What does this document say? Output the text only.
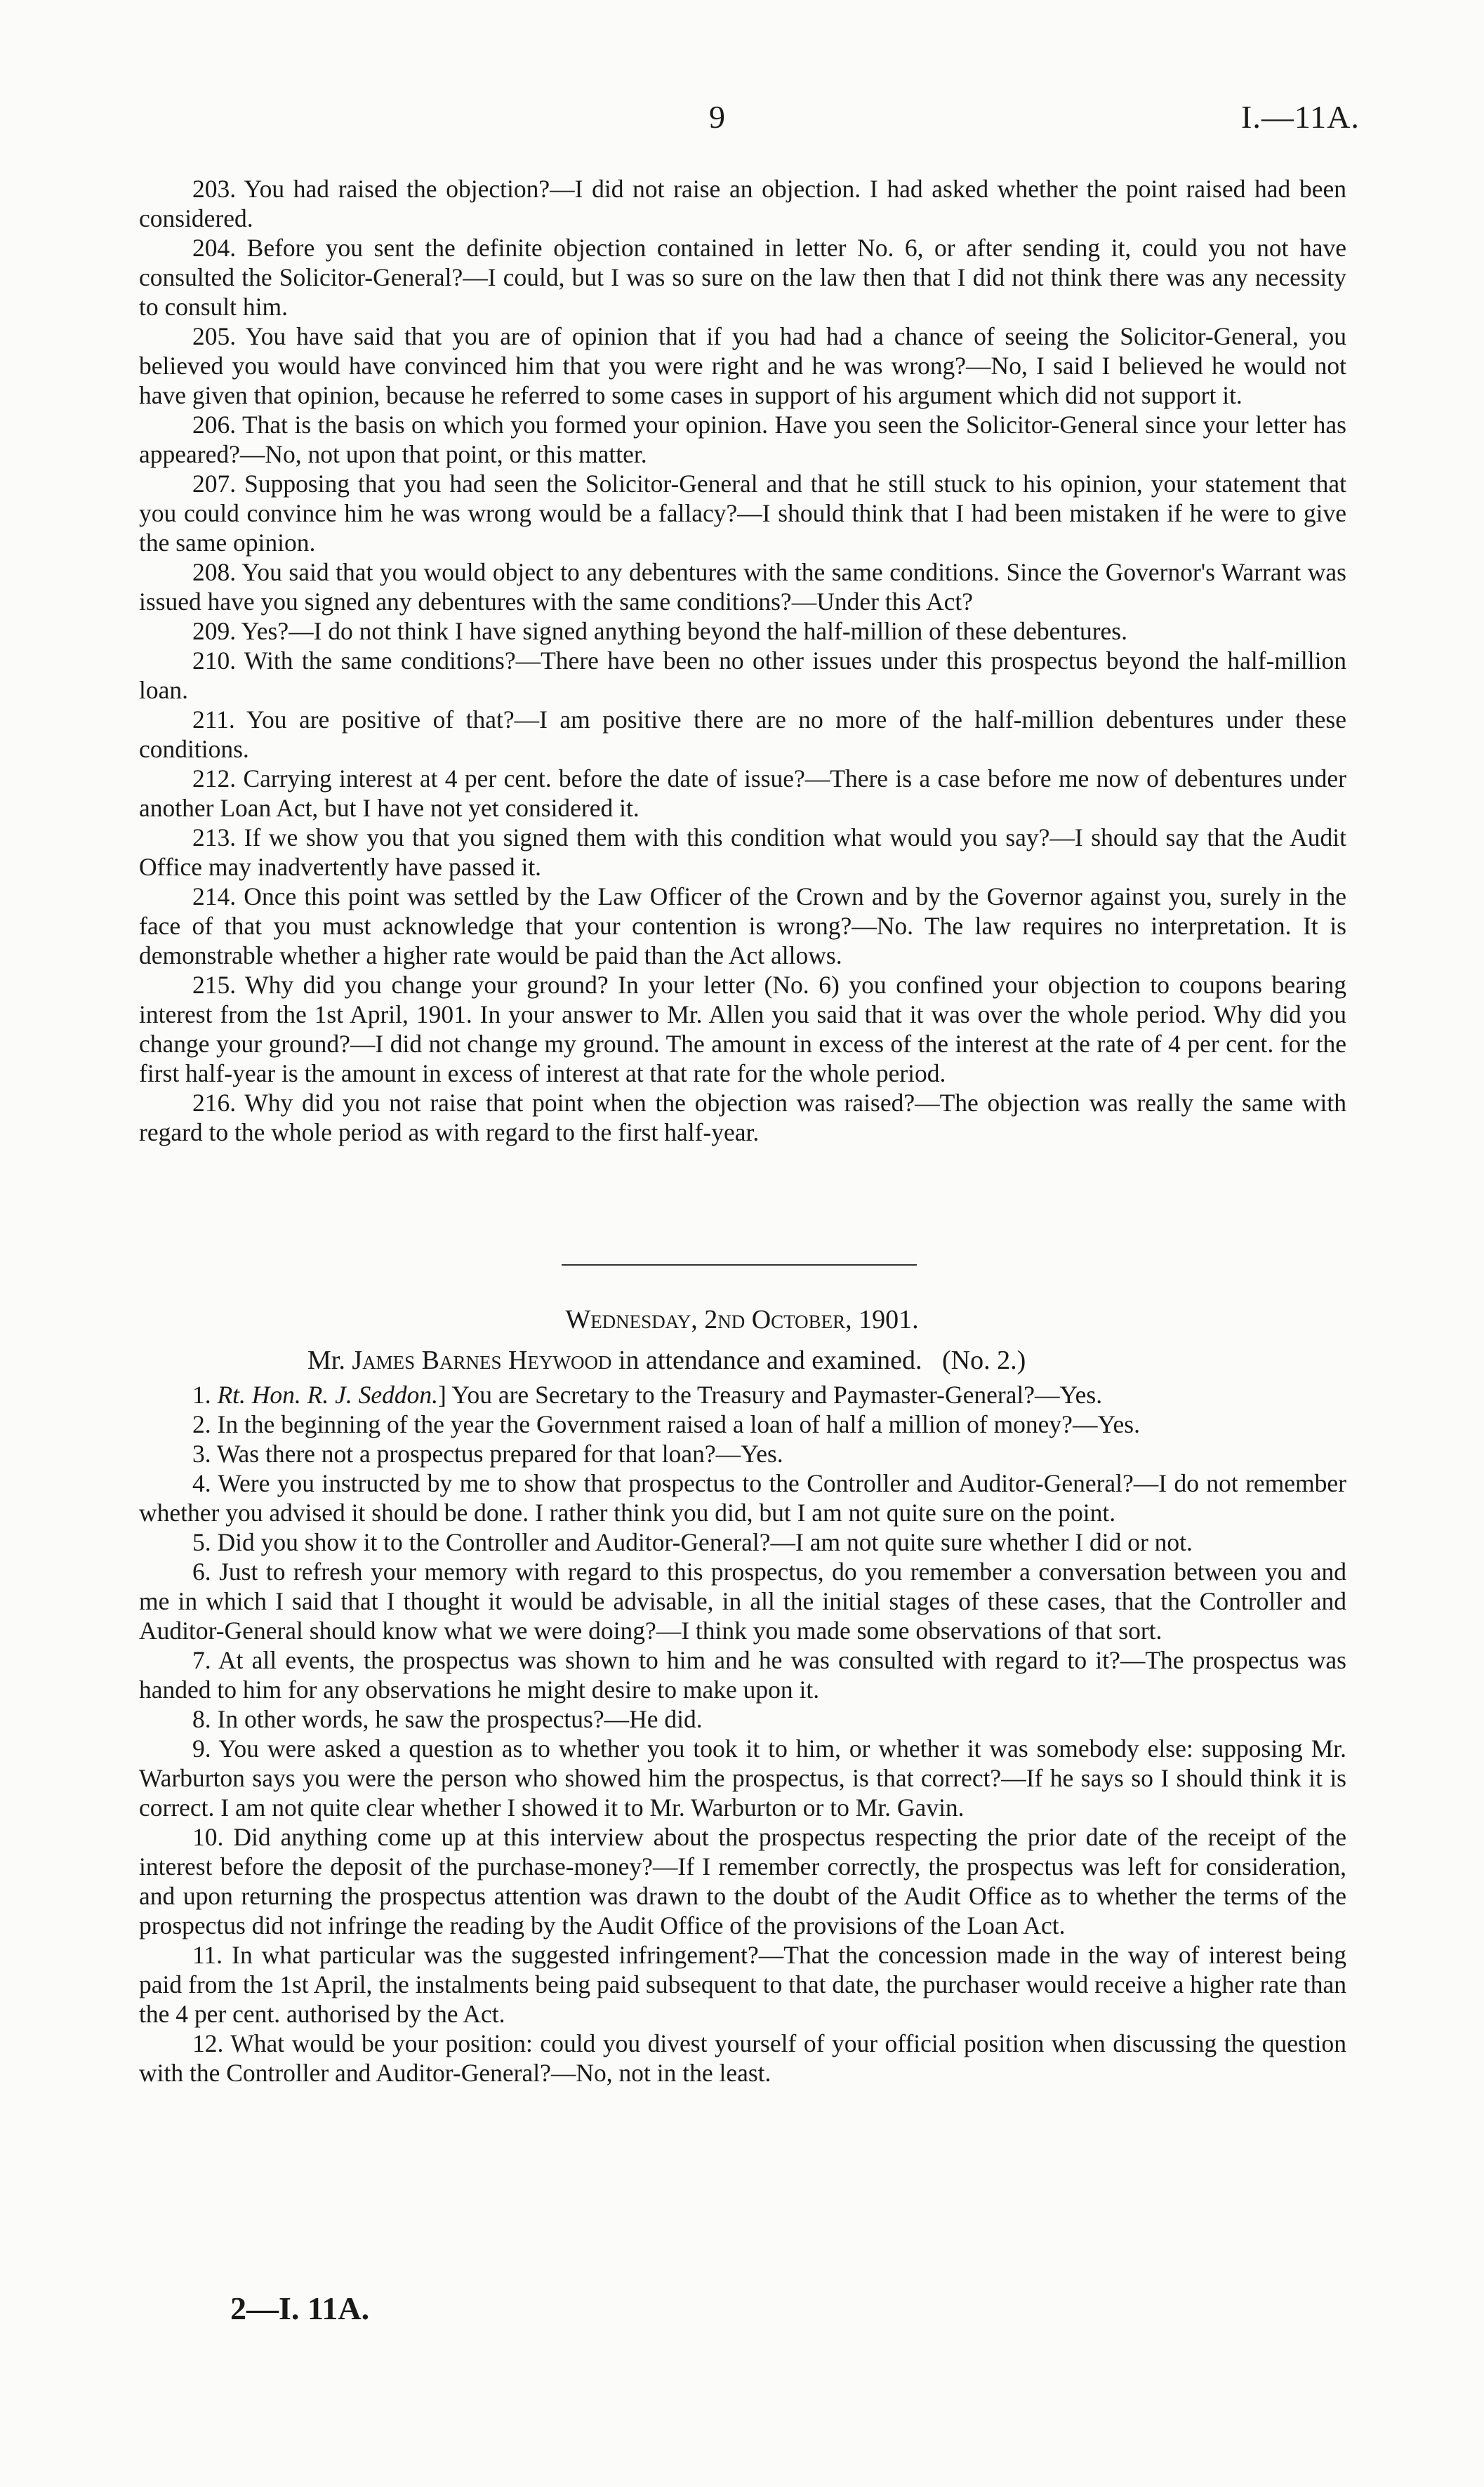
9	I.—11A.

203. You had raised the objection?—I did not raise an objection. I had asked whether the point raised had been considered.

204. Before you sent the definite objection contained in letter No. 6, or after sending it, could you not have consulted the Solicitor-General?—I could, but I was so sure on the law then that I did not think there was any necessity to consult him.

205. You have said that you are of opinion that if you had had a chance of seeing the Solicitor-General, you believed you would have convinced him that you were right and he was wrong?—No, I said I believed he would not have given that opinion, because he referred to some cases in support of his argument which did not support it.

206. That is the basis on which you formed your opinion. Have you seen the Solicitor-General since your letter has appeared?—No, not upon that point, or this matter.

207. Supposing that you had seen the Solicitor-General and that he still stuck to his opinion, your statement that you could convince him he was wrong would be a fallacy?—I should think that I had been mistaken if he were to give the same opinion.

208. You said that you would object to any debentures with the same conditions. Since the Governor's Warrant was issued have you signed any debentures with the same conditions?—Under this Act?

209. Yes?—I do not think I have signed anything beyond the half-million of these debentures.

210. With the same conditions?—There have been no other issues under this prospectus beyond the half-million loan.

211. You are positive of that?—I am positive there are no more of the half-million debentures under these conditions.

212. Carrying interest at 4 per cent. before the date of issue?—There is a case before me now of debentures under another Loan Act, but I have not yet considered it.

213. If we show you that you signed them with this condition what would you say?—I should say that the Audit Office may inadvertently have passed it.

214. Once this point was settled by the Law Officer of the Crown and by the Governor against you, surely in the face of that you must acknowledge that your contention is wrong?—No. The law requires no interpretation. It is demonstrable whether a higher rate would be paid than the Act allows.

215. Why did you change your ground? In your letter (No. 6) you confined your objection to coupons bearing interest from the 1st April, 1901. In your answer to Mr. Allen you said that it was over the whole period. Why did you change your ground?—I did not change my ground. The amount in excess of the interest at the rate of 4 per cent. for the first half-year is the amount in excess of interest at that rate for the whole period.

216. Why did you not raise that point when the objection was raised?—The objection was really the same with regard to the whole period as with regard to the first half-year.

Wednesday, 2nd October, 1901.
Mr. James Barnes Heywood in attendance and examined. (No. 2.)

1. Rt. Hon. R. J. Seddon.] You are Secretary to the Treasury and Paymaster-General?—Yes.

2. In the beginning of the year the Government raised a loan of half a million of money?—Yes.

3. Was there not a prospectus prepared for that loan?—Yes.

4. Were you instructed by me to show that prospectus to the Controller and Auditor-General?—I do not remember whether you advised it should be done. I rather think you did, but I am not quite sure on the point.

5. Did you show it to the Controller and Auditor-General?—I am not quite sure whether I did or not.

6. Just to refresh your memory with regard to this prospectus, do you remember a conversation between you and me in which I said that I thought it would be advisable, in all the initial stages of these cases, that the Controller and Auditor-General should know what we were doing?—I think you made some observations of that sort.

7. At all events, the prospectus was shown to him and he was consulted with regard to it?—The prospectus was handed to him for any observations he might desire to make upon it.

8. In other words, he saw the prospectus?—He did.

9. You were asked a question as to whether you took it to him, or whether it was somebody else: supposing Mr. Warburton says you were the person who showed him the prospectus, is that correct?—If he says so I should think it is correct. I am not quite clear whether I showed it to Mr. Warburton or to Mr. Gavin.

10. Did anything come up at this interview about the prospectus respecting the prior date of the receipt of the interest before the deposit of the purchase-money?—If I remember correctly, the prospectus was left for consideration, and upon returning the prospectus attention was drawn to the doubt of the Audit Office as to whether the terms of the prospectus did not infringe the reading by the Audit Office of the provisions of the Loan Act.

11. In what particular was the suggested infringement?—That the concession made in the way of interest being paid from the 1st April, the instalments being paid subsequent to that date, the purchaser would receive a higher rate than the 4 per cent. authorised by the Act.

12. What would be your position: could you divest yourself of your official position when discussing the question with the Controller and Auditor-General?—No, not in the least.

2—I. 11A.
